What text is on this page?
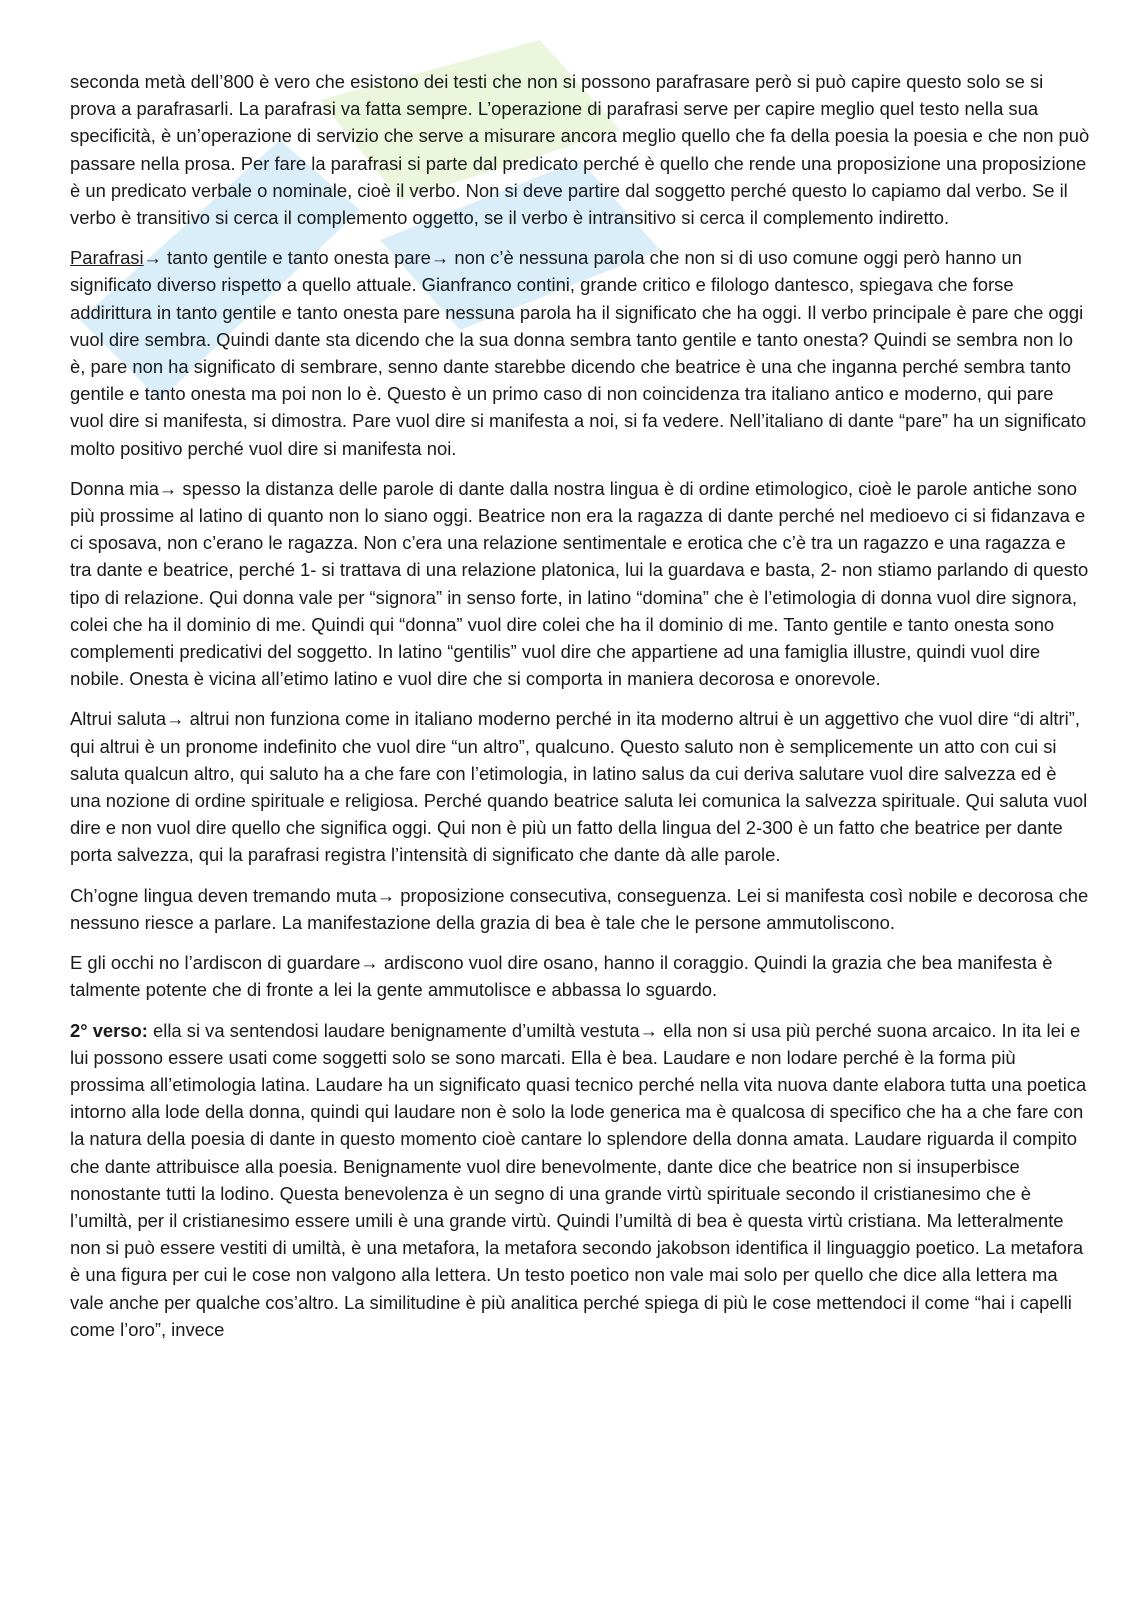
seconda metà dell’800 è vero che esistono dei testi che non si possono parafrasare però si può capire questo solo se si prova a parafrasarli. La parafrasi va fatta sempre. L’operazione di parafrasi serve per capire meglio quel testo nella sua specificità, è un’operazione di servizio che serve a misurare ancora meglio quello che fa della poesia la poesia e che non può passare nella prosa. Per fare la parafrasi si parte dal predicato perché è quello che rende una proposizione una proposizione è un predicato verbale o nominale, cioè il verbo. Non si deve partire dal soggetto perché questo lo capiamo dal verbo. Se il verbo è transitivo si cerca il complemento oggetto, se il verbo è intransitivo si cerca il complemento indiretto.

Parafrasi→ tanto gentile e tanto onesta pare→ non c’è nessuna parola che non si di uso comune oggi però hanno un significato diverso rispetto a quello attuale. Gianfranco contini, grande critico e filologo dantesco, spiegava che forse addirittura in tanto gentile e tanto onesta pare nessuna parola ha il significato che ha oggi. Il verbo principale è pare che oggi vuol dire sembra. Quindi dante sta dicendo che la sua donna sembra tanto gentile e tanto onesta? Quindi se sembra non lo è, pare non ha significato di sembrare, senno dante starebbe dicendo che beatrice è una che inganna perché sembra tanto gentile e tanto onesta ma poi non lo è. Questo è un primo caso di non coincidenza tra italiano antico e moderno, qui pare vuol dire si manifesta, si dimostra. Pare vuol dire si manifesta a noi, si fa vedere. Nell’italiano di dante “pare” ha un significato molto positivo perché vuol dire si manifesta noi.

Donna mia→ spesso la distanza delle parole di dante dalla nostra lingua è di ordine etimologico, cioè le parole antiche sono più prossime al latino di quanto non lo siano oggi. Beatrice non era la ragazza di dante perché nel medioevo ci si fidanzava e ci sposava, non c’erano le ragazza. Non c’era una relazione sentimentale e erotica che c’è tra un ragazzo e una ragazza e tra dante e beatrice, perché 1- si trattava di una relazione platonica, lui la guardava e basta, 2- non stiamo parlando di questo tipo di relazione. Qui donna vale per “signora” in senso forte, in latino “domina” che è l’etimologia di donna vuol dire signora, colei che ha il dominio di me. Quindi qui “donna” vuol dire colei che ha il dominio di me. Tanto gentile e tanto onesta sono complementi predicativi del soggetto. In latino “gentilis” vuol dire che appartiene ad una famiglia illustre, quindi vuol dire nobile. Onesta è vicina all’etimo latino e vuol dire che si comporta in maniera decorosa e onorevole.

Altrui saluta→ altrui non funziona come in italiano moderno perché in ita moderno altrui è un aggettivo che vuol dire “di altri”, qui altrui è un pronome indefinito che vuol dire “un altro”, qualcuno. Questo saluto non è semplicemente un atto con cui si saluta qualcun altro, qui saluto ha a che fare con l’etimologia, in latino salus da cui deriva salutare vuol dire salvezza ed è una nozione di ordine spirituale e religiosa. Perché quando beatrice saluta lei comunica la salvezza spirituale. Qui saluta vuol dire e non vuol dire quello che significa oggi. Qui non è più un fatto della lingua del 2-300 è un fatto che beatrice per dante porta salvezza, qui la parafrasi registra l’intensità di significato che dante dà alle parole.

Ch’ogne lingua deven tremando muta→ proposizione consecutiva, conseguenza. Lei si manifesta così nobile e decorosa che nessuno riesce a parlare. La manifestazione della grazia di bea è tale che le persone ammutoliscono.

E gli occhi no l’ardiscon di guardare→ ardiscono vuol dire osano, hanno il coraggio. Quindi la grazia che bea manifesta è talmente potente che di fronte a lei la gente ammutolisce e abbassa lo sguardo.

2° verso: ella si va sentendosi laudare benignamente d’umiltà vestuta→ ella non si usa più perché suona arcaico. In ita lei e lui possono essere usati come soggetti solo se sono marcati. Ella è bea. Laudare e non lodare perché è la forma più prossima all’etimologia latina. Laudare ha un significato quasi tecnico perché nella vita nuova dante elabora tutta una poetica intorno alla lode della donna, quindi qui laudare non è solo la lode generica ma è qualcosa di specifico che ha a che fare con la natura della poesia di dante in questo momento cioè cantare lo splendore della donna amata. Laudare riguarda il compito che dante attribuisce alla poesia. Benignamente vuol dire benevolmente, dante dice che beatrice non si insuperbisce nonostante tutti la lodino. Questa benevolenza è un segno di una grande virtù spirituale secondo il cristianesimo che è l’umiltà, per il cristianesimo essere umili è una grande virtù. Quindi l’umiltà di bea è questa virtù cristiana. Ma letteralmente non si può essere vestiti di umiltà, è una metafora, la metafora secondo jakobson identifica il linguaggio poetico. La metafora è una figura per cui le cose non valgono alla lettera. Un testo poetico non vale mai solo per quello che dice alla lettera ma vale anche per qualche cos’altro. La similitudine è più analitica perché spiega di più le cose mettendoci il come “hai i capelli come l’oro”, invece
